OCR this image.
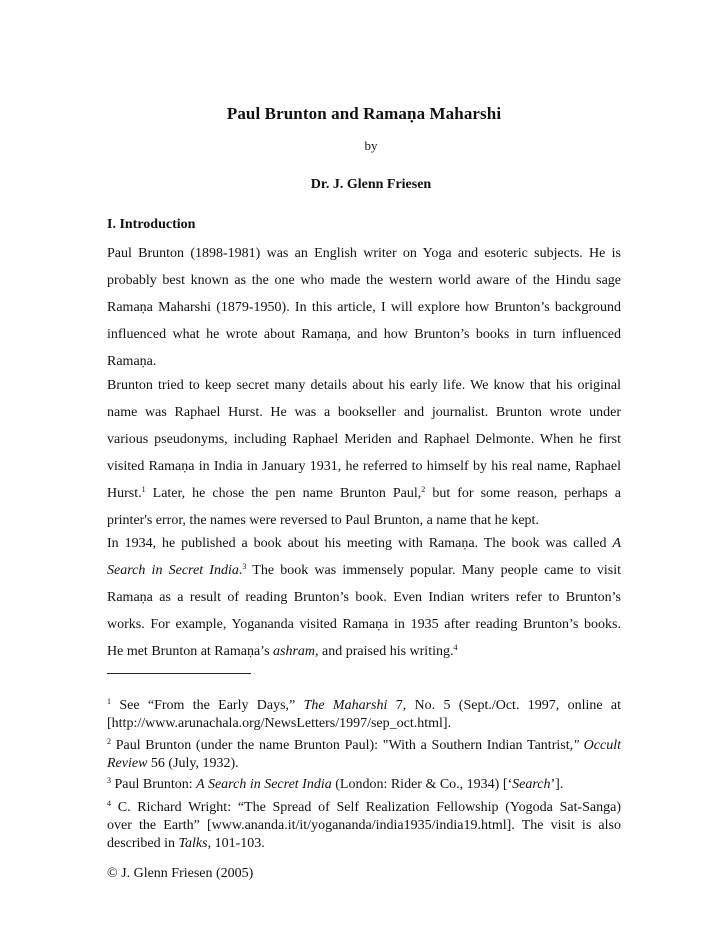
Paul Brunton and Ramaṇa Maharshi
by
Dr. J. Glenn Friesen
I. Introduction
Paul Brunton (1898-1981) was an English writer on Yoga and esoteric subjects. He is
probably best known as the one who made the western world aware of the Hindu sage
Ramaṇa Maharshi (1879-1950). In this article, I will explore how Brunton’s background
influenced what he wrote about Ramaṇa, and how Brunton’s books in turn influenced
Ramaṇa.
Brunton tried to keep secret many details about his early life. We know that his original
name was Raphael Hurst. He was a bookseller and journalist. Brunton wrote under
various pseudonyms, including Raphael Meriden and Raphael Delmonte. When he first
visited Ramaṇa in India in January 1931, he referred to himself by his real name, Raphael
Hurst.$^1$ Later, he chose the pen name Brunton Paul,$^2$ but for some reason, perhaps a
printer's error, the names were reversed to Paul Brunton, a name that he kept.
In 1934, he published a book about his meeting with Ramaṇa. The book was called A
Search in Secret India.$^3$ The book was immensely popular. Many people came to visit
Ramaṇa as a result of reading Brunton’s book. Even Indian writers refer to Brunton’s
works. For example, Yogananda visited Ramaṇa in 1935 after reading Brunton’s books.
He met Brunton at Ramaṇa’s ashram, and praised his writing.$^4$
$^1$ See “From the Early Days,” The Maharshi 7, No. 5 (Sept./Oct. 1997, online at
[http://www.arunachala.org/NewsLetters/1997/sep_oct.html].
$^2$ Paul Brunton (under the name Brunton Paul): "With a Southern Indian Tantrist," Occult
Review 56 (July, 1932).
$^3$ Paul Brunton: A Search in Secret India (London: Rider & Co., 1934) [‘Search’].
$^4$ C. Richard Wright: “The Spread of Self Realization Fellowship (Yogoda Sat-Sanga)
over the Earth” [www.ananda.it/it/yogananda/india1935/india19.html]. The visit is also
described in Talks, 101-103.
© J. Glenn Friesen (2005)
